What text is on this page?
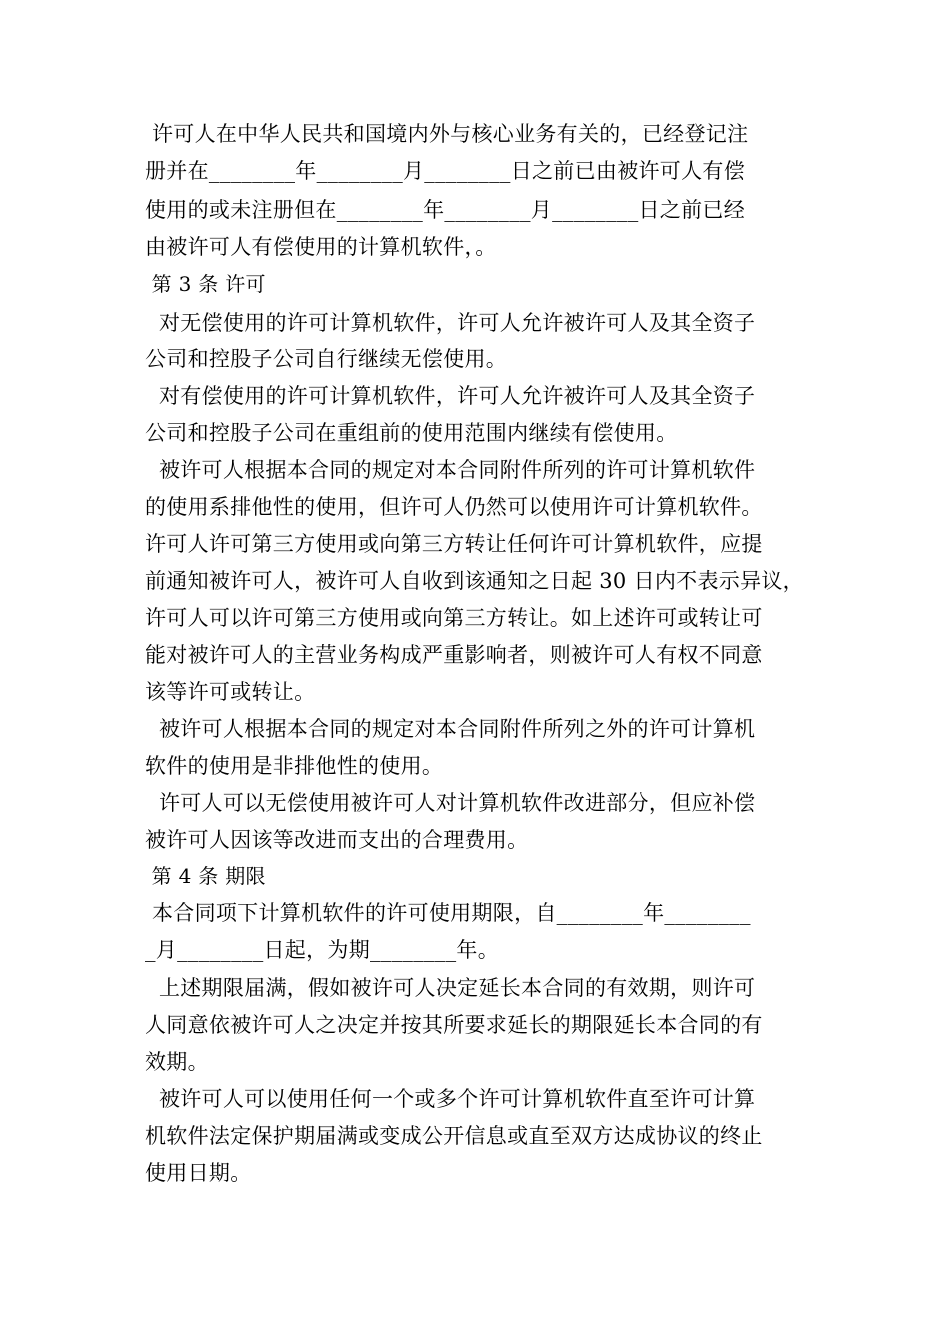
许可人在中华人民共和国境内外与核心业务有关的，已经登记注
册并在________年________月________日之前已由被许可人有偿
使用的或未注册但在________年________月________日之前已经
由被许可人有偿使用的计算机软件，。
第 3 条 许可
对无偿使用的许可计算机软件，许可人允许被许可人及其全资子
公司和控股子公司自行继续无偿使用。
对有偿使用的许可计算机软件，许可人允许被许可人及其全资子
公司和控股子公司在重组前的使用范围内继续有偿使用。
被许可人根据本合同的规定对本合同附件所列的许可计算机软件
的使用系排他性的使用，但许可人仍然可以使用许可计算机软件。
许可人许可第三方使用或向第三方转让任何许可计算机软件，应提
前通知被许可人，被许可人自收到该通知之日起 30 日内不表示异议，
许可人可以许可第三方使用或向第三方转让。如上述许可或转让可
能对被许可人的主营业务构成严重影响者，则被许可人有权不同意
该等许可或转让。
被许可人根据本合同的规定对本合同附件所列之外的许可计算机
软件的使用是非排他性的使用。
许可人可以无偿使用被许可人对计算机软件改进部分，但应补偿
被许可人因该等改进而支出的合理费用。
第 4 条 期限
本合同项下计算机软件的许可使用期限，自________年________
_月________日起，为期________年。
上述期限届满，假如被许可人决定延长本合同的有效期，则许可
人同意依被许可人之决定并按其所要求延长的期限延长本合同的有
效期。
被许可人可以使用任何一个或多个许可计算机软件直至许可计算
机软件法定保护期届满或变成公开信息或直至双方达成协议的终止
使用日期。
